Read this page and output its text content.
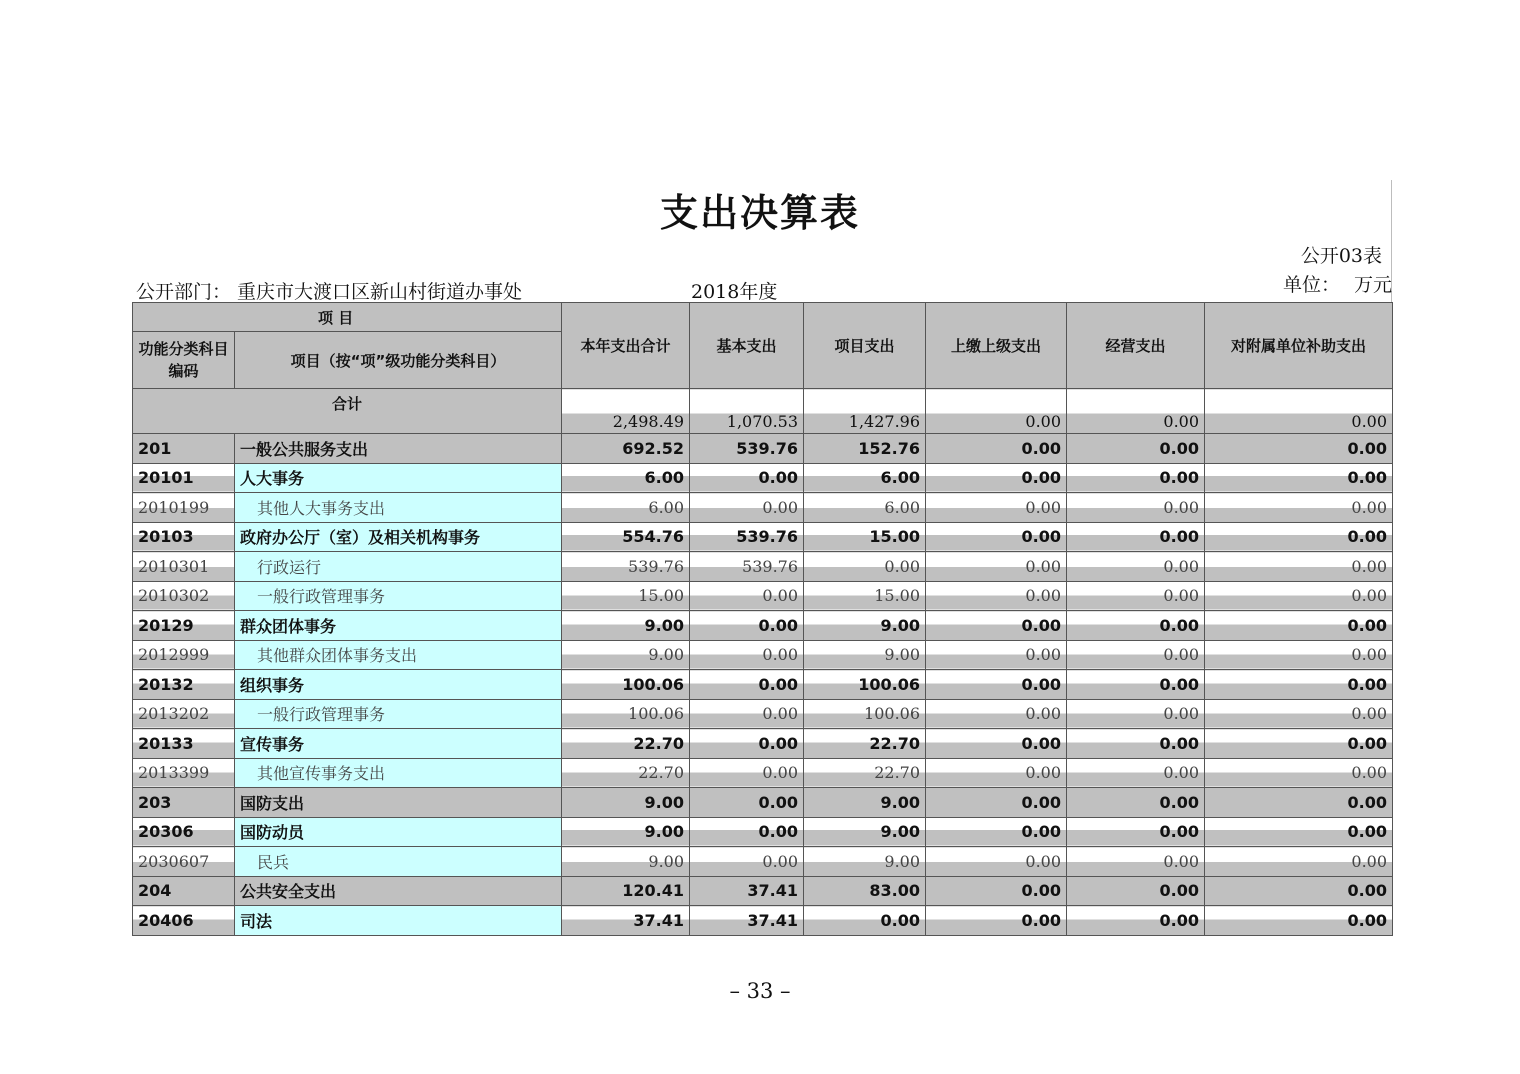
支出决算表
公开03表
公开部门： 重庆市大渡口区新山村街道办事处	2018年度	单位： 万元
项 目		本年支出合计	基本支出	项目支出	上缴上级支出	经营支出	对附属单位补助支出
功能分类科目编码	项目（按“项”级功能分类科目）						
合计		2,498.49	1,070.53	1,427.96	0.00	0.00	0.00
201	一般公共服务支出	692.52	539.76	152.76	0.00	0.00	0.00
20101	人大事务	6.00	0.00	6.00	0.00	0.00	0.00
2010199	其他人大事务支出	6.00	0.00	6.00	0.00	0.00	0.00
20103	政府办公厅（室）及相关机构事务	554.76	539.76	15.00	0.00	0.00	0.00
2010301	行政运行	539.76	539.76	0.00	0.00	0.00	0.00
2010302	一般行政管理事务	15.00	0.00	15.00	0.00	0.00	0.00
20129	群众团体事务	9.00	0.00	9.00	0.00	0.00	0.00
2012999	其他群众团体事务支出	9.00	0.00	9.00	0.00	0.00	0.00
20132	组织事务	100.06	0.00	100.06	0.00	0.00	0.00
2013202	一般行政管理事务	100.06	0.00	100.06	0.00	0.00	0.00
20133	宣传事务	22.70	0.00	22.70	0.00	0.00	0.00
2013399	其他宣传事务支出	22.70	0.00	22.70	0.00	0.00	0.00
203	国防支出	9.00	0.00	9.00	0.00	0.00	0.00
20306	国防动员	9.00	0.00	9.00	0.00	0.00	0.00
2030607	民兵	9.00	0.00	9.00	0.00	0.00	0.00
204	公共安全支出	120.41	37.41	83.00	0.00	0.00	0.00
20406	司法	37.41	37.41	0.00	0.00	0.00	0.00
– 33 –
